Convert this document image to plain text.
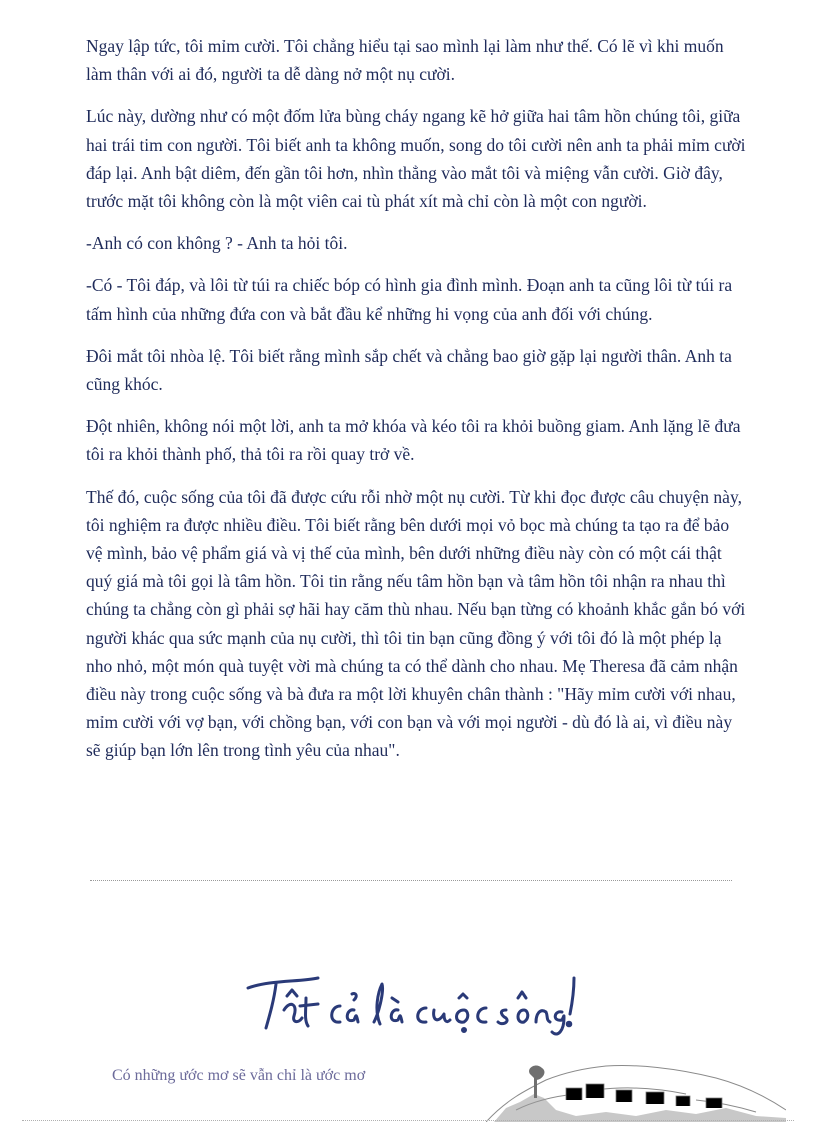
Ngay lập tức, tôi mỉm cười. Tôi chẳng hiểu tại sao mình lại làm như thế. Có lẽ vì khi muốn làm thân với ai đó, người ta dễ dàng nở một nụ cười.

Lúc này, dường như có một đốm lửa bùng cháy ngang kẽ hở giữa hai tâm hồn chúng tôi, giữa hai trái tim con người. Tôi biết anh ta không muốn, song do tôi cười nên anh ta phải mỉm cười đáp lại. Anh bật diêm, đến gần tôi hơn, nhìn thẳng vào mắt tôi và miệng vẫn cười. Giờ đây, trước mặt tôi không còn là một viên cai tù phát xít mà chỉ còn là một con người.

-Anh có con không ? - Anh ta hỏi tôi.

-Có - Tôi đáp, và lôi từ túi ra chiếc bóp có hình gia đình mình. Đoạn anh ta cũng lôi từ túi ra tấm hình của những đứa con và bắt đầu kể những hi vọng của anh đối với chúng.

Đôi mắt tôi nhòa lệ. Tôi biết rằng mình sắp chết và chẳng bao giờ gặp lại người thân. Anh ta cũng khóc.

Đột nhiên, không nói một lời, anh ta mở khóa và kéo tôi ra khỏi buồng giam. Anh lặng lẽ đưa tôi ra khỏi thành phố, thả tôi ra rồi quay trở về.

Thế đó, cuộc sống của tôi đã được cứu rỗi nhờ một nụ cười. Từ khi đọc được câu chuyện này, tôi nghiệm ra được nhiều điều. Tôi biết rằng bên dưới mọi vỏ bọc mà chúng ta tạo ra để bảo vệ mình, bảo vệ phẩm giá và vị thế của mình, bên dưới những điều này còn có một cái thật quý giá mà tôi gọi là tâm hồn. Tôi tin rằng nếu tâm hồn bạn và tâm hồn tôi nhận ra nhau thì chúng ta chẳng còn gì phải sợ hãi hay căm thù nhau. Nếu bạn từng có khoảnh khắc gắn bó với người khác qua sức mạnh của nụ cười, thì tôi tin bạn cũng đồng ý với tôi đó là một phép lạ nho nhỏ, một món quà tuyệt vời mà chúng ta có thể dành cho nhau. Mẹ Theresa đã cảm nhận điều này trong cuộc sống và bà đưa ra một lời khuyên chân thành : "Hãy mỉm cười với nhau, mỉm cười với vợ bạn, với chồng bạn, với con bạn và với mọi người - dù đó là ai, vì điều này sẽ giúp bạn lớn lên trong tình yêu của nhau".

Có những ước mơ sẽ vẫn chỉ là ước mơ
